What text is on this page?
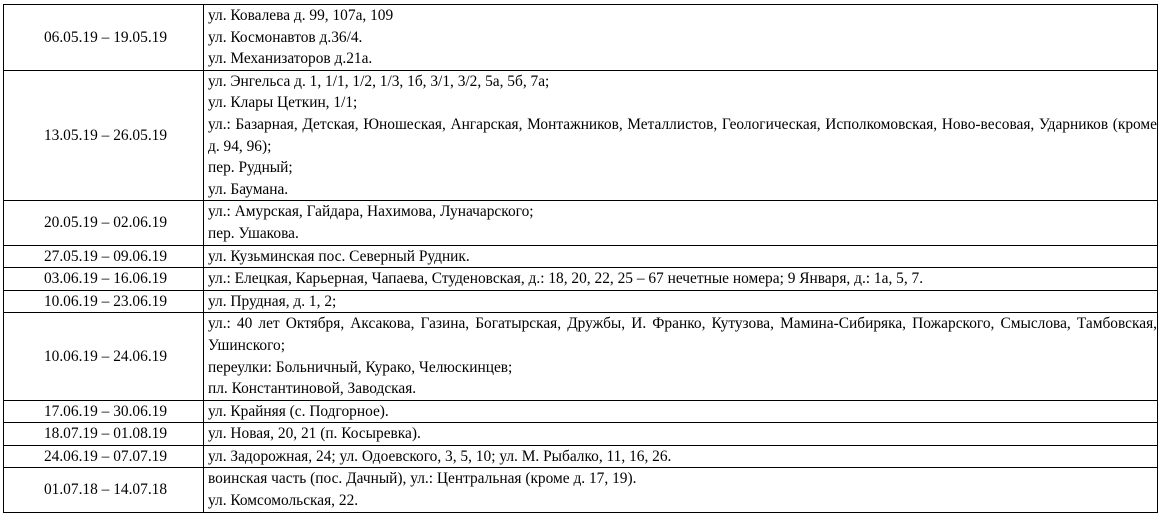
06.05.19 – 19.05.19	ул. Ковалева д. 99, 107а, 109
ул. Космонавтов д.36/4.
ул. Механизаторов д.21а.

13.05.19 – 26.05.19	ул. Энгельса д. 1, 1/1, 1/2, 1/3, 1б, 3/1, 3/2, 5а, 5б, 7а;
ул. Клары Цеткин, 1/1;
ул.: Базарная, Детская, Юношеская, Ангарская, Монтажников, Металлистов, Геологическая, Исполкомовская, Ново-весовая, Ударников (кроме д. 94, 96);
пер. Рудный;
ул. Баумана.

20.05.19 – 02.06.19	ул.: Амурская, Гайдара, Нахимова, Луначарского;
пер. Ушакова.

27.05.19 – 09.06.19	ул. Кузьминская пос. Северный Рудник.

03.06.19 – 16.06.19	ул.: Елецкая, Карьерная, Чапаева, Студеновская, д.: 18, 20, 22, 25 – 67 нечетные номера; 9 Января, д.: 1а, 5, 7.

10.06.19 – 23.06.19	ул. Прудная, д. 1, 2;

10.06.19 – 24.06.19	ул.: 40 лет Октября, Аксакова, Газина, Богатырская, Дружбы, И. Франко, Кутузова, Мамина-Сибиряка, Пожарского, Смыслова, Тамбовская, Ушинского;
переулки: Больничный, Курако, Челюскинцев;
пл. Константиновой, Заводская.

17.06.19 – 30.06.19	ул. Крайняя (с. Подгорное).

18.07.19 – 01.08.19	ул. Новая, 20, 21 (п. Косыревка).

24.06.19 – 07.07.19	ул. Задорожная, 24; ул. Одоевского, 3, 5, 10; ул. М. Рыбалко, 11, 16, 26.

01.07.18 – 14.07.18	воинская часть (пос. Дачный), ул.: Центральная (кроме д. 17, 19).
ул. Комсомольская, 22.
